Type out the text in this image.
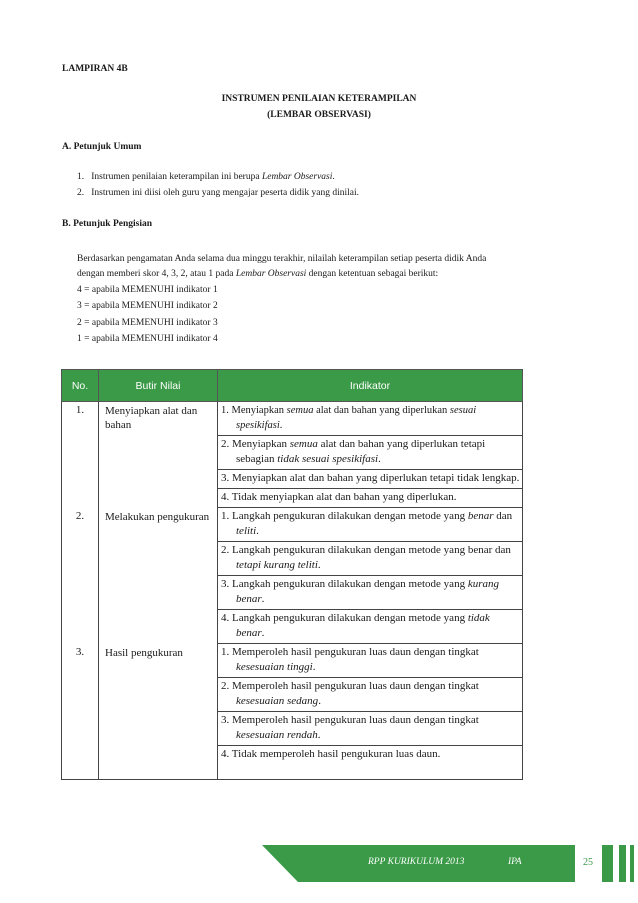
LAMPIRAN 4B
INSTRUMEN PENILAIAN KETERAMPILAN
(LEMBAR OBSERVASI)
A. Petunjuk Umum
1. Instrumen penilaian keterampilan ini berupa Lembar Observasi.
2. Instrumen ini diisi oleh guru yang mengajar peserta didik yang dinilai.
B. Petunjuk Pengisian
Berdasarkan pengamatan Anda selama dua minggu terakhir, nilailah keterampilan setiap peserta didik Anda
dengan memberi skor 4, 3, 2, atau 1 pada Lembar Observasi dengan ketentuan sebagai berikut:
4 = apabila MEMENUHI indikator 1
3 = apabila MEMENUHI indikator 2
2 = apabila MEMENUHI indikator 3
1 = apabila MEMENUHI indikator 4
No.	Butir Nilai	Indikator
1.	Menyiapkan alat dan bahan	1. Menyiapkan semua alat dan bahan yang diperlukan sesuai spesikifasi.

		2. Menyiapkan semua alat dan bahan yang diperlukan tetapi sebagian tidak sesuai spesikifasi.

		3. Menyiapkan alat dan bahan yang diperlukan tetapi tidak lengkap.

		4. Tidak menyiapkan alat dan bahan yang diperlukan.

2.	Melakukan pengukuran	1. Langkah pengukuran dilakukan dengan metode yang benar dan teliti.

		2. Langkah pengukuran dilakukan dengan metode yang benar dan tetapi kurang teliti.

		3. Langkah pengukuran dilakukan dengan metode yang kurang benar.

		4. Langkah pengukuran dilakukan dengan metode yang tidak benar.

3.	Hasil pengukuran	1. Memperoleh hasil pengukuran luas daun dengan tingkat kesesuaian tinggi.

		2. Memperoleh hasil pengukuran luas daun dengan tingkat kesesuaian sedang.

		3. Memperoleh hasil pengukuran luas daun dengan tingkat kesesuaian rendah.

		4. Tidak memperoleh hasil pengukuran luas daun.
RPP KURIKULUM 2013	IPA	25
